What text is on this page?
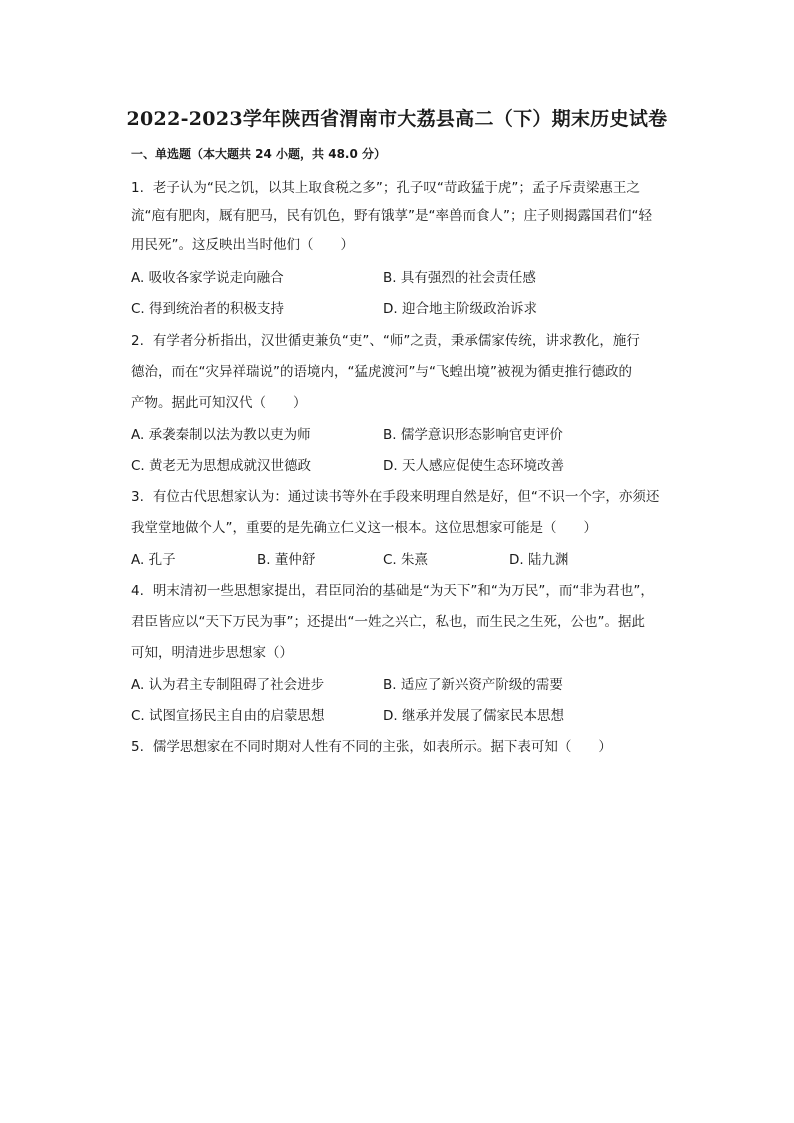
2022-2023学年陕西省渭南市大荔县高二（下）期末历史试卷
一、单选题（本大题共 24 小题，共 48.0 分）
1. 老子认为“民之饥，以其上取食税之多”；孔子叹“苛政猛于虎”；孟子斥责梁惠王之
流“庖有肥肉，厩有肥马，民有饥色，野有饿莩”是“率兽而食人”；庄子则揭露国君们“轻
用民死”。这反映出当时他们（　　）
A. 吸收各家学说走向融合	B. 具有强烈的社会责任感
C. 得到统治者的积极支持	D. 迎合地主阶级政治诉求
2. 有学者分析指出，汉世循吏兼负“吏”、“师”之责，秉承儒家传统，讲求教化，施行
德治，而在“灾异祥瑞说”的语境内，“猛虎渡河”与“飞蝗出境”被视为循吏推行德政的
产物。据此可知汉代（　　）
A. 承袭秦制以法为教以吏为师	B. 儒学意识形态影响官吏评价
C. 黄老无为思想成就汉世德政	D. 天人感应促使生态环境改善
3. 有位古代思想家认为：通过读书等外在手段来明理自然是好，但“不识一个字，亦须还
我堂堂地做个人”，重要的是先确立仁义这一根本。这位思想家可能是（　　）
A. 孔子	B. 董仲舒	C. 朱熹	D. 陆九渊
4. 明末清初一些思想家提出，君臣同治的基础是“为天下”和“为万民”，而“非为君也”，
君臣皆应以“天下万民为事”；还提出“一姓之兴亡，私也，而生民之生死，公也”。据此
可知，明清进步思想家（）
A. 认为君主专制阻碍了社会进步	B. 适应了新兴资产阶级的需要
C. 试图宣扬民主自由的启蒙思想	D. 继承并发展了儒家民本思想
5. 儒学思想家在不同时期对人性有不同的主张，如表所示。据下表可知（　　）
